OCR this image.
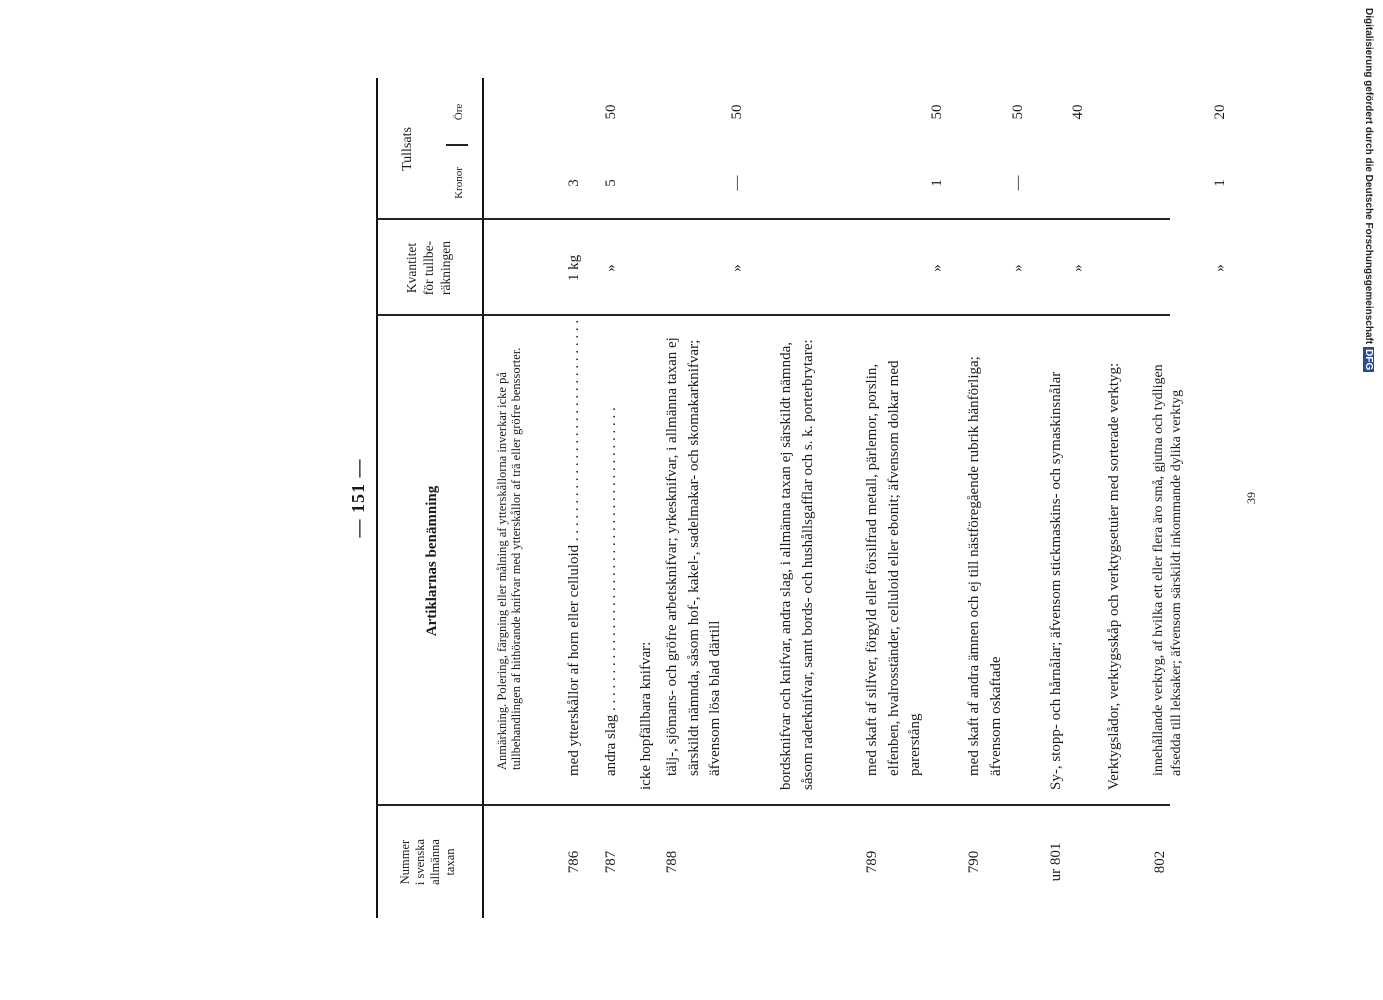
— 151 —
Nummer i svenska allmänna taxan
Artiklarnas benämning
Kvantitet för tullbe- räkningen
Tullsats
Kronor
Öre
Anmärkning. Polering, färgning eller målning af ytterskållorna inverkar icke på tullbehandlingen af hithörande knifvar med ytterskållor af trä eller gröfre benssorter.
786
med ytterskållor af horn eller celluloid . . .
1 kg
3
787
andra slag . . .
»
5
50
icke hopfällbara knifvar:
788
tälj-, sjömans- och gröfre arbetsknifvar; yrkesknifvar, i allmänna taxan ej särskildt nämnda, såsom hof-, kakel-, sadelmakar- och skomakarknifvar; äfvensom lösa blad därtill
»
—
50
bordsknifvar och knifvar, andra slag, i allmänna taxan ej särskildt nämnda, såsom raderknifvar, samt bords- och hushållsgafflar och s. k. porterbrytare:
789
med skaft af silfver, förgyld eller försilfrad metall, pärlemor, porslin, elfenben, hvalrosständer, celluloid eller ebonit; äfvensom dolkar med parerstång
»
1
50
790
med skaft af andra ämnen och ej till nästföregående rubrik hänförliga; äfvensom oskaftade
»
—
50
ur 801
Sy-, stopp- och hårnålar; äfvensom stickmaskins- och symaskinsnålar
»
40
Verktygslådor, verktygsskåp och verktygsetuier med sorterade verktyg:
802
innehållande verktyg, af hvilka ett eller flera äro små, gjutna och tydligen afsedda till leksaker; äfvensom särskildt inkommande dylika verktyg
»
1
20
39
Digitalisierung gefördert durch die Deutsche ForschungsgemeinschaftDFG
